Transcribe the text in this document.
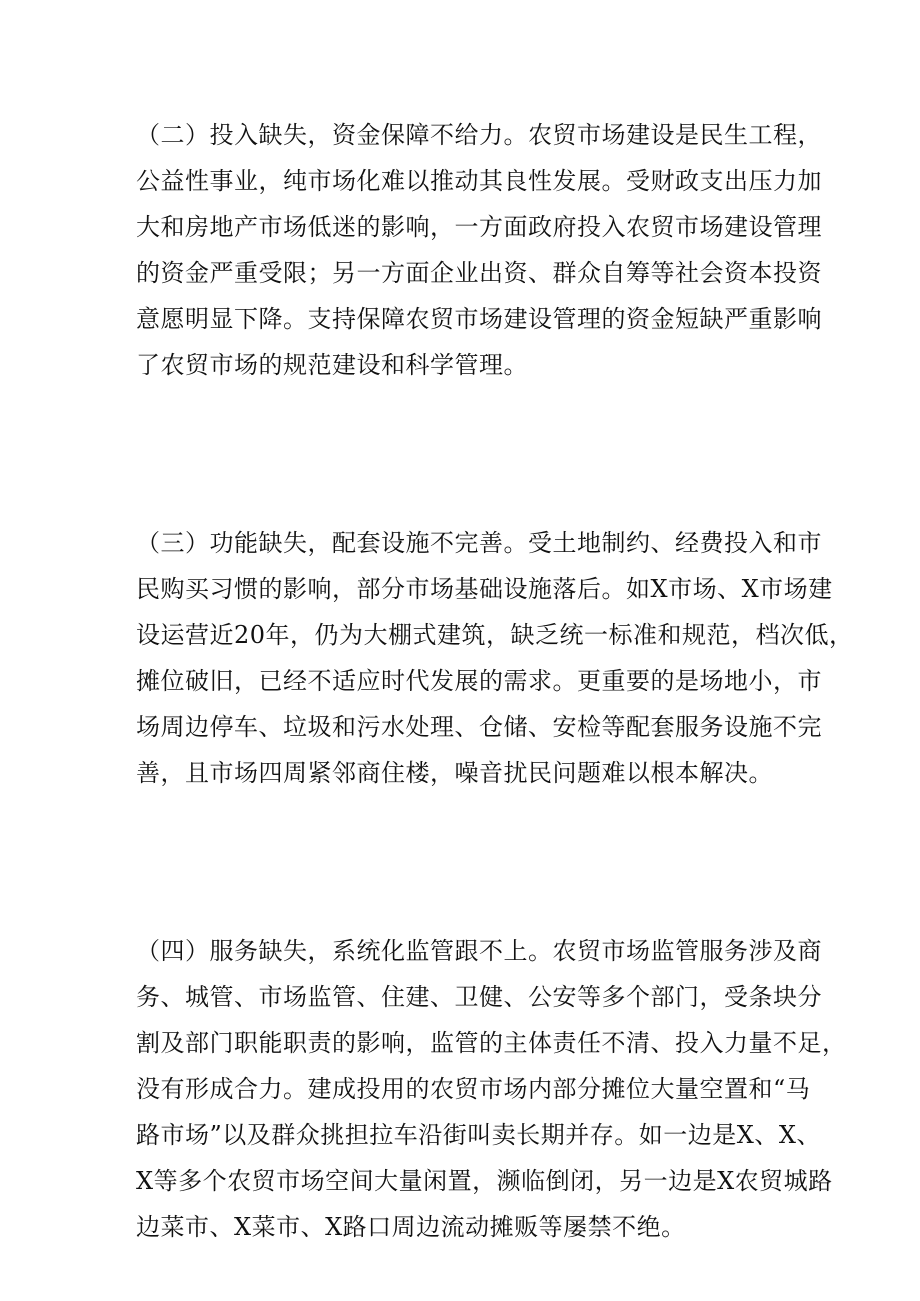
（二）投入缺失，资金保障不给力。农贸市场建设是民生工程，
公益性事业，纯市场化难以推动其良性发展。受财政支出压力加
大和房地产市场低迷的影响，一方面政府投入农贸市场建设管理
的资金严重受限；另一方面企业出资、群众自筹等社会资本投资
意愿明显下降。支持保障农贸市场建设管理的资金短缺严重影响
了农贸市场的规范建设和科学管理。
（三）功能缺失，配套设施不完善。受土地制约、经费投入和市
民购买习惯的影响，部分市场基础设施落后。如X市场、X市场建
设运营近20年，仍为大棚式建筑，缺乏统一标准和规范，档次低，
摊位破旧，已经不适应时代发展的需求。更重要的是场地小，市
场周边停车、垃圾和污水处理、仓储、安检等配套服务设施不完
善，且市场四周紧邻商住楼，噪音扰民问题难以根本解决。
（四）服务缺失，系统化监管跟不上。农贸市场监管服务涉及商
务、城管、市场监管、住建、卫健、公安等多个部门，受条块分
割及部门职能职责的影响，监管的主体责任不清、投入力量不足，
没有形成合力。建成投用的农贸市场内部分摊位大量空置和“马
路市场”以及群众挑担拉车沿街叫卖长期并存。如一边是X、X、
X等多个农贸市场空间大量闲置，濒临倒闭，另一边是X农贸城路
边菜市、X菜市、X路口周边流动摊贩等屡禁不绝。
